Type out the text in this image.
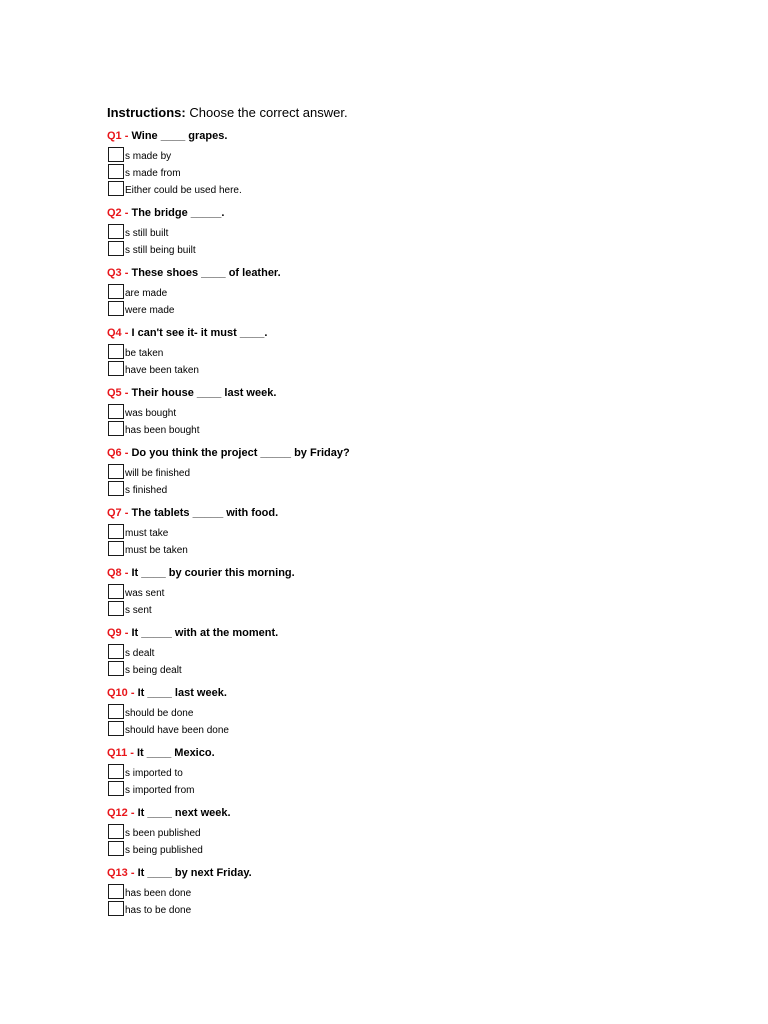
Instructions: Choose the correct answer.
Q1 - Wine ____ grapes.
s made by
s made from
Either could be used here.
Q2 - The bridge _____.
s still built
s still being built
Q3 - These shoes ____ of leather.
are made
were made
Q4 - I can't see it- it must ____.
be taken
have been taken
Q5 - Their house ____ last week.
was bought
has been bought
Q6 - Do you think the project _____ by Friday?
will be finished
s finished
Q7 - The tablets _____ with food.
must take
must be taken
Q8 - It ____ by courier this morning.
was sent
s sent
Q9 - It _____ with at the moment.
s dealt
s being dealt
Q10 - It ____ last week.
should be done
should have been done
Q11 - It ____ Mexico.
s imported to
s imported from
Q12 - It ____ next week.
s been published
s being published
Q13 - It ____ by next Friday.
has been done
has to be done
